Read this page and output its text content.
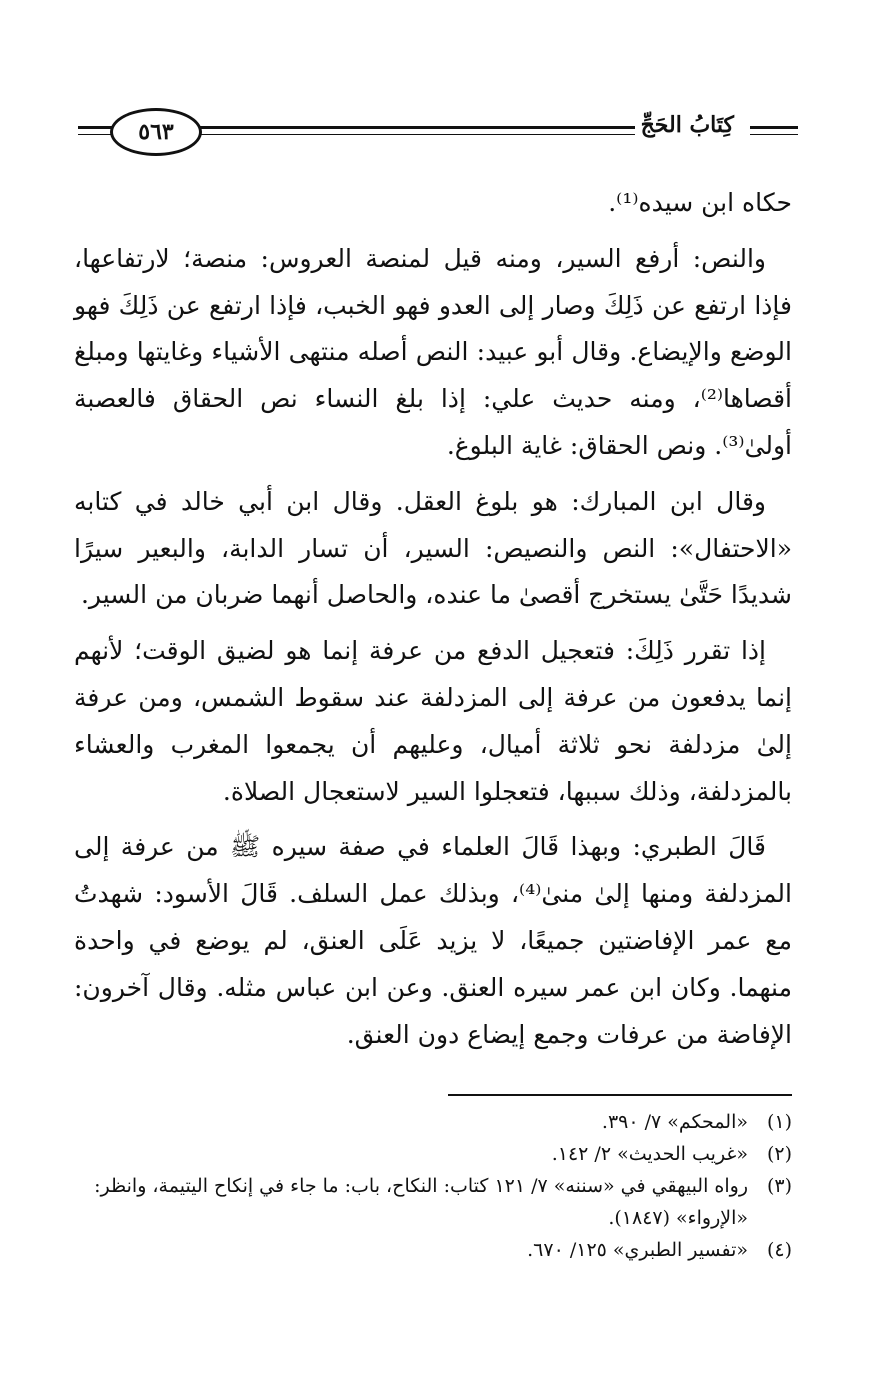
٥٦٣	كِتَابُ الحَجِّ

حكاه ابن سيده⁽¹⁾.

والنص: أرفع السير، ومنه قيل لمنصة العروس: منصة؛ لارتفاعها، فإذا ارتفع عن ذَلِكَ وصار إلى العدو فهو الخبب، فإذا ارتفع عن ذَلِكَ فهو الوضع والإيضاع. وقال أبو عبيد: النص أصله منتهى الأشياء وغايتها ومبلغ أقصاها⁽²⁾، ومنه حديث علي: إذا بلغ النساء نص الحقاق فالعصبة أولىٰ⁽³⁾. ونص الحقاق: غاية البلوغ.

وقال ابن المبارك: هو بلوغ العقل. وقال ابن أبي خالد في كتابه «الاحتفال»: النص والنصيص: السير، أن تسار الدابة، والبعير سيرًا شديدًا حَتَّىٰ يستخرج أقصىٰ ما عنده، والحاصل أنهما ضربان من السير.

إذا تقرر ذَلِكَ: فتعجيل الدفع من عرفة إنما هو لضيق الوقت؛ لأنهم إنما يدفعون من عرفة إلى المزدلفة عند سقوط الشمس، ومن عرفة إلىٰ مزدلفة نحو ثلاثة أميال، وعليهم أن يجمعوا المغرب والعشاء بالمزدلفة، وذلك سببها، فتعجلوا السير لاستعجال الصلاة.

قَالَ الطبري: وبهذا قَالَ العلماء في صفة سيره ﷺ من عرفة إلى المزدلفة ومنها إلىٰ منىٰ⁽⁴⁾، وبذلك عمل السلف. قَالَ الأسود: شهدتُ مع عمر الإفاضتين جميعًا، لا يزيد عَلَى العنق، لم يوضع في واحدة منهما. وكان ابن عمر سيره العنق. وعن ابن عباس مثله. وقال آخرون: الإفاضة من عرفات وجمع إيضاع دون العنق.

(١)
«المحكم» ٧/ ٣٩٠.
(٢)
«غريب الحديث» ٢/ ١٤٢.
(٣)
رواه البيهقي في «سننه» ٧/ ١٢١ كتاب: النكاح، باب: ما جاء في إنكاح اليتيمة، وانظر: «الإرواء» (١٨٤٧).
(٤)
«تفسير الطبري» ١٢٥/ ٦٧٠.
